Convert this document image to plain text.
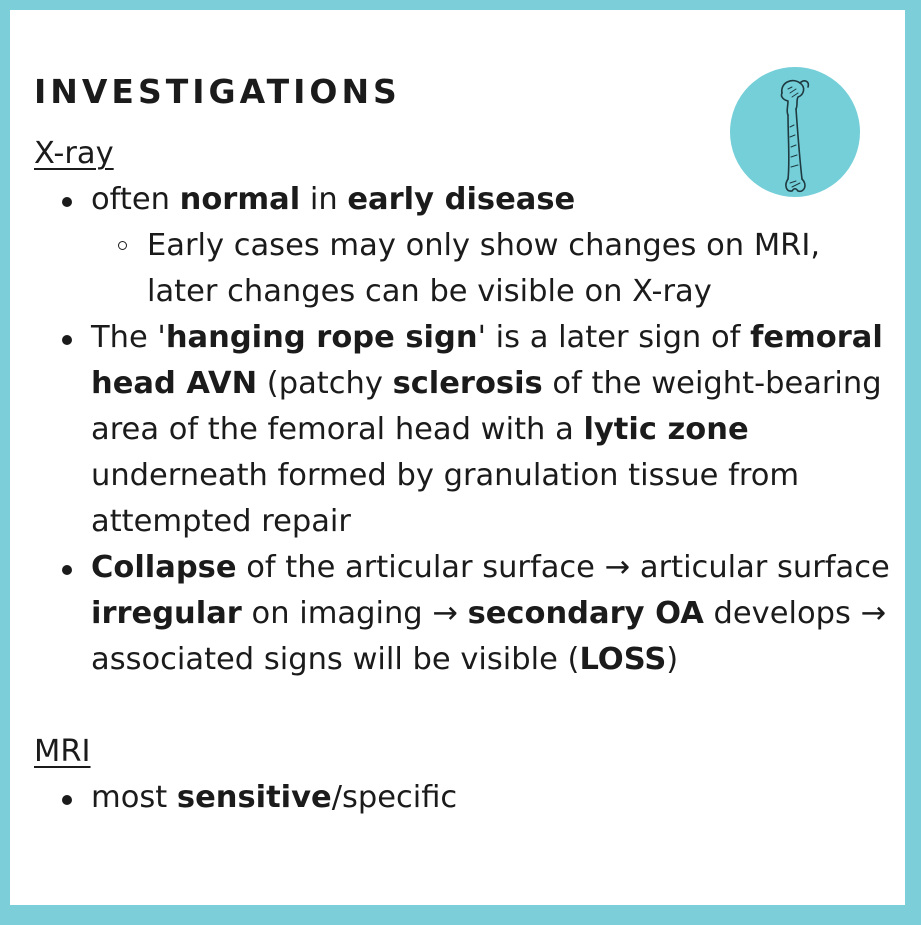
INVESTIGATIONS
X-ray
often normal in early disease
Early cases may only show changes on MRI, later changes can be visible on X-ray
The 'hanging rope sign' is a later sign of femoral head AVN (patchy sclerosis of the weight-bearing area of the femoral head with a lytic zone underneath formed by granulation tissue from attempted repair
Collapse of the articular surface → articular surface irregular on imaging → secondary OA develops → associated signs will be visible (LOSS)
MRI
most sensitive/specific
